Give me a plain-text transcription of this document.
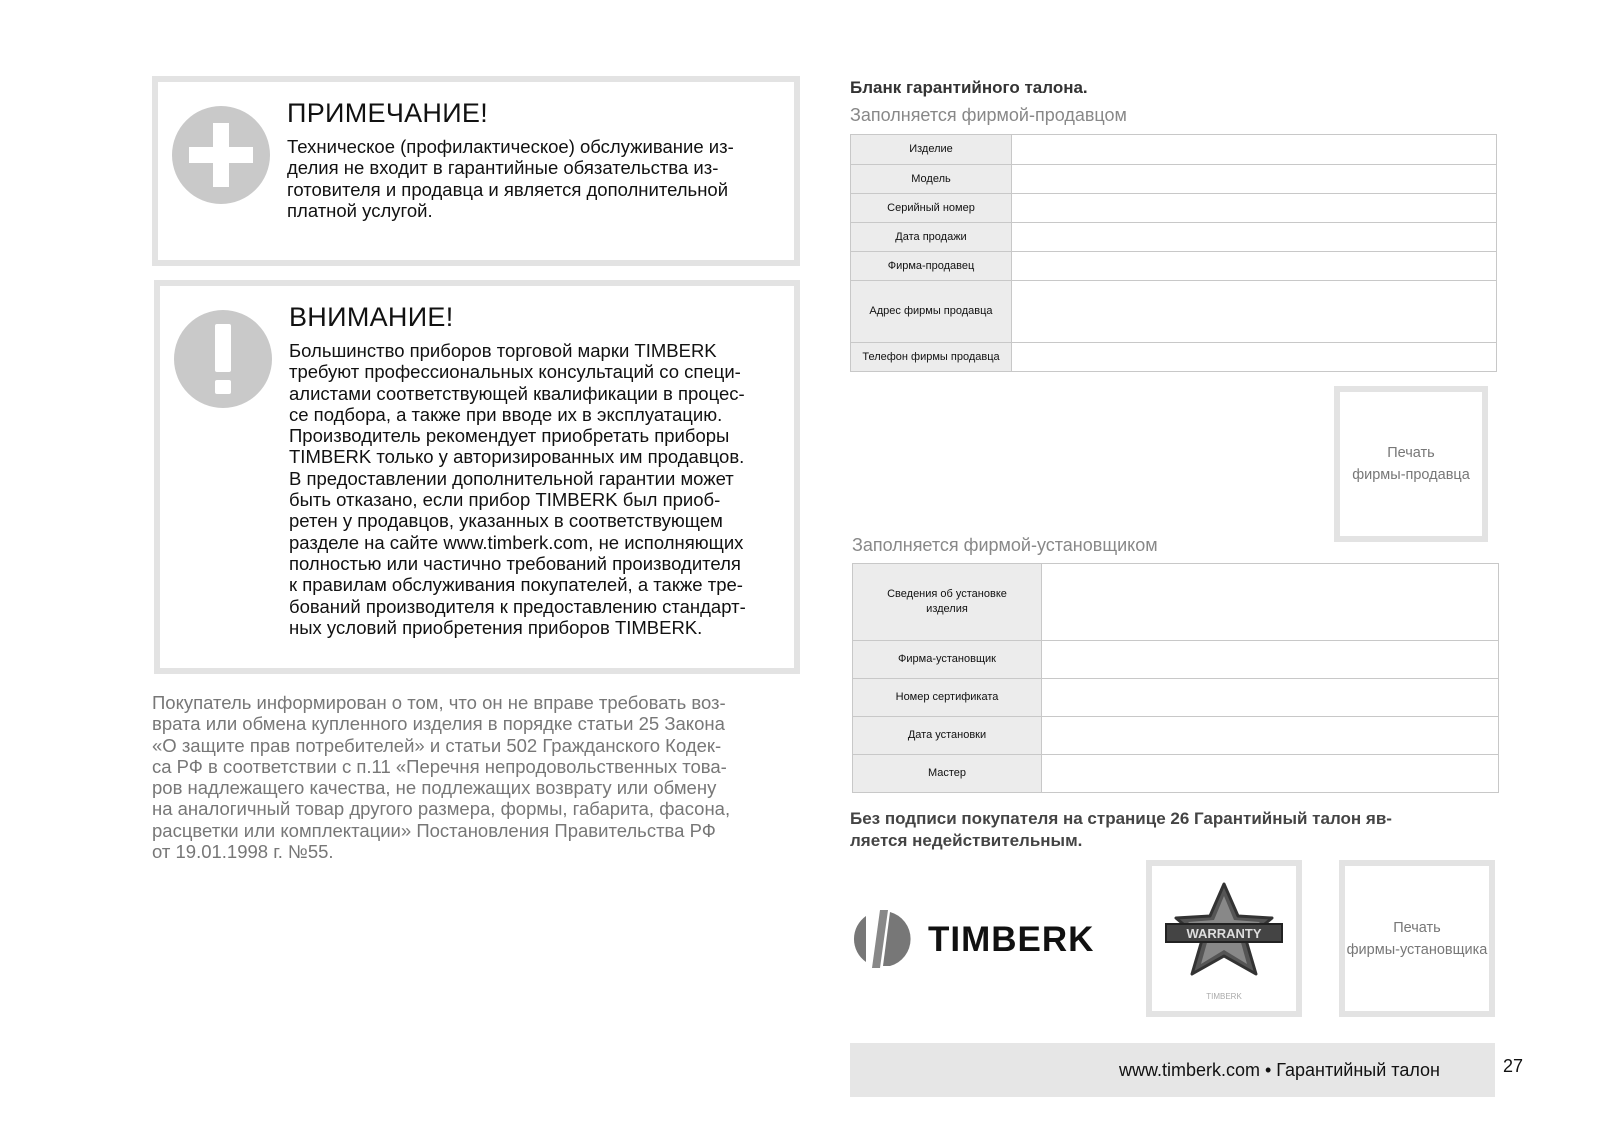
ПРИМЕЧАНИЕ!
Техническое (профилактическое) обслуживание из-
делия не входит в гарантийные обязательства из-
готовителя и продавца и является дополнительной
платной услугой.
ВНИМАНИЕ!
Большинство приборов торговой марки TIMBERK
требуют профессиональных консультаций со специ-
алистами соответствующей квалификации в процес-
се подбора, а также при вводе их в эксплуатацию.
Производитель рекомендует приобретать приборы
TIMBERK только у авторизированных им продавцов.
В предоставлении дополнительной гарантии может
быть отказано, если прибор TIMBERK был приоб-
ретен у продавцов, указанных в соответствующем
разделе на сайте www.timberk.com, не исполняющих
полностью или частично требований производителя
к правилам обслуживания покупателей, а также тре-
бований производителя к предоставлению стандарт-
ных условий приобретения приборов TIMBERK.
Покупатель информирован о том, что он не вправе требовать воз-
врата или обмена купленного изделия в порядке статьи 25 Закона
«О защите прав потребителей» и статьи 502 Гражданского Кодек-
са РФ в соответствии с п.11 «Перечня непродовольственных това-
ров надлежащего качества, не подлежащих возврату или обмену
на аналогичный товар другого размера, формы, габарита, фасона,
расцветки или комплектации» Постановления Правительства РФ
от 19.01.1998 г. №55.
Бланк гарантийного талона.
Заполняется фирмой-продавцом
Изделие	
Модель	
Серийный номер	
Дата продажи	
Фирма-продавец	
Адрес фирмы продавца	
Телефон фирмы продавца	
Печать
фирмы-продавца
Заполняется фирмой-установщиком
Сведения об установке изделия	
Фирма-установщик	
Номер сертификата	
Дата установки	
Мастер	
Без подписи покупателя на странице 26 Гарантийный талон яв-
ляется недействительным.
TIMBERK	WARRANTY
TIMBERK
Печать
фирмы-установщика
www.timberk.com • Гарантийный талон	27
